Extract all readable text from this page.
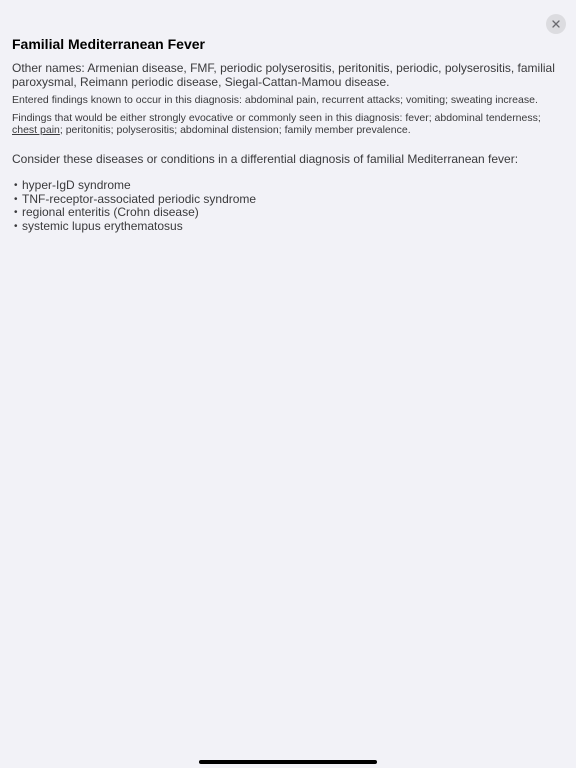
Familial Mediterranean Fever

Other names: Armenian disease, FMF, periodic polyserositis, peritonitis, periodic, polyserositis, familial paroxysmal, Reimann periodic disease, Siegal-Cattan-Mamou disease.

Entered findings known to occur in this diagnosis: abdominal pain, recurrent attacks; vomiting; sweating increase.

Findings that would be either strongly evocative or commonly seen in this diagnosis: fever; abdominal tenderness; chest pain; peritonitis; polyserositis; abdominal distension; family member prevalence.

Consider these diseases or conditions in a differential diagnosis of familial Mediterranean fever:

• hyper-IgD syndrome
• TNF-receptor-associated periodic syndrome
• regional enteritis (Crohn disease)
• systemic lupus erythematosus
